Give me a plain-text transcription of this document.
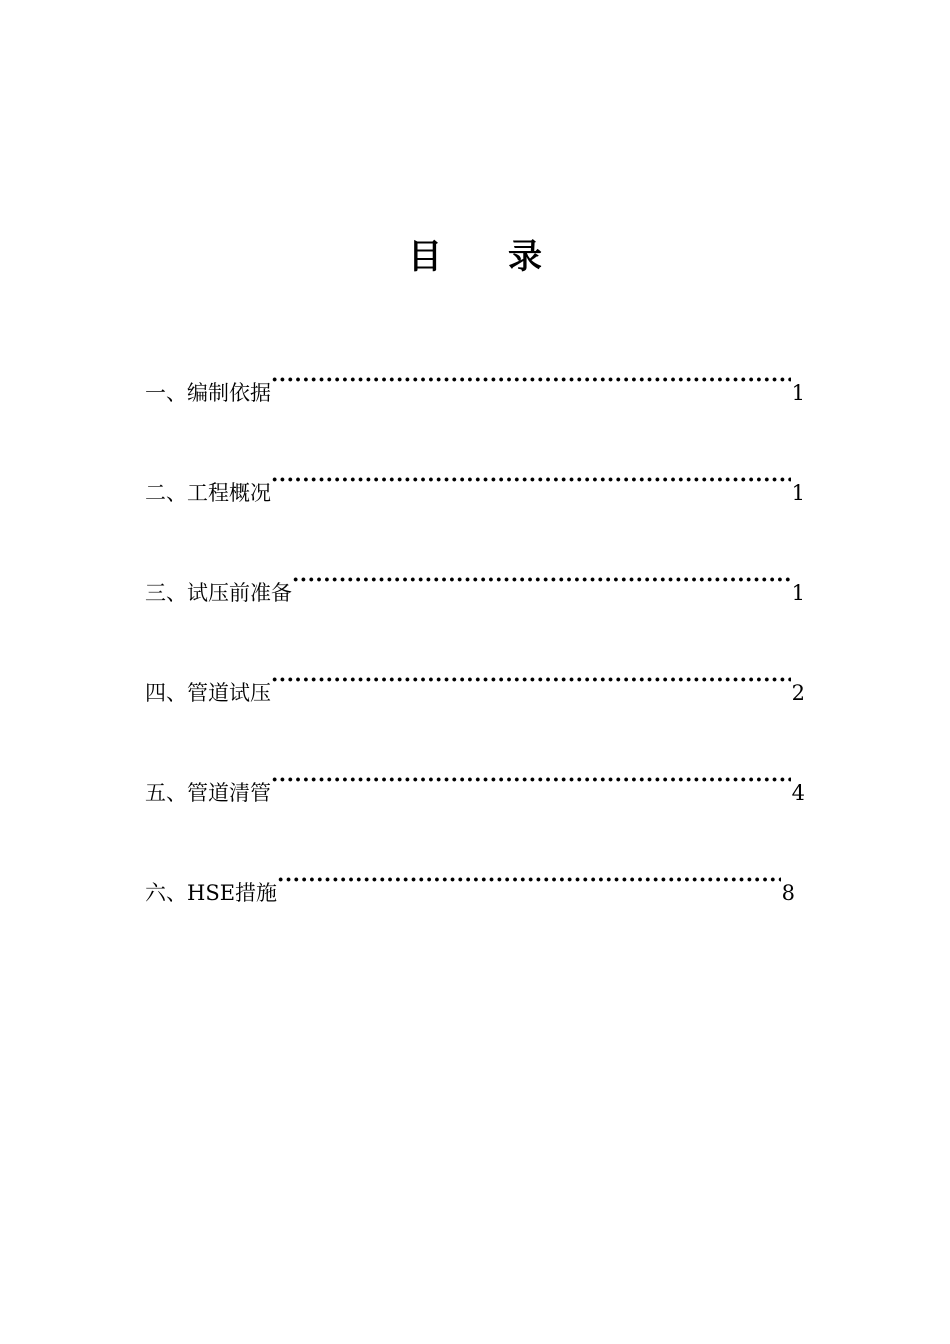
目 录
一、编制依据 ·····	1
二、工程概况 ·····	1
三、试压前准备 ·····	1
四、管道试压 ·····	2
五、管道清管 ·····	4
六、HSE措施 ·····	8
